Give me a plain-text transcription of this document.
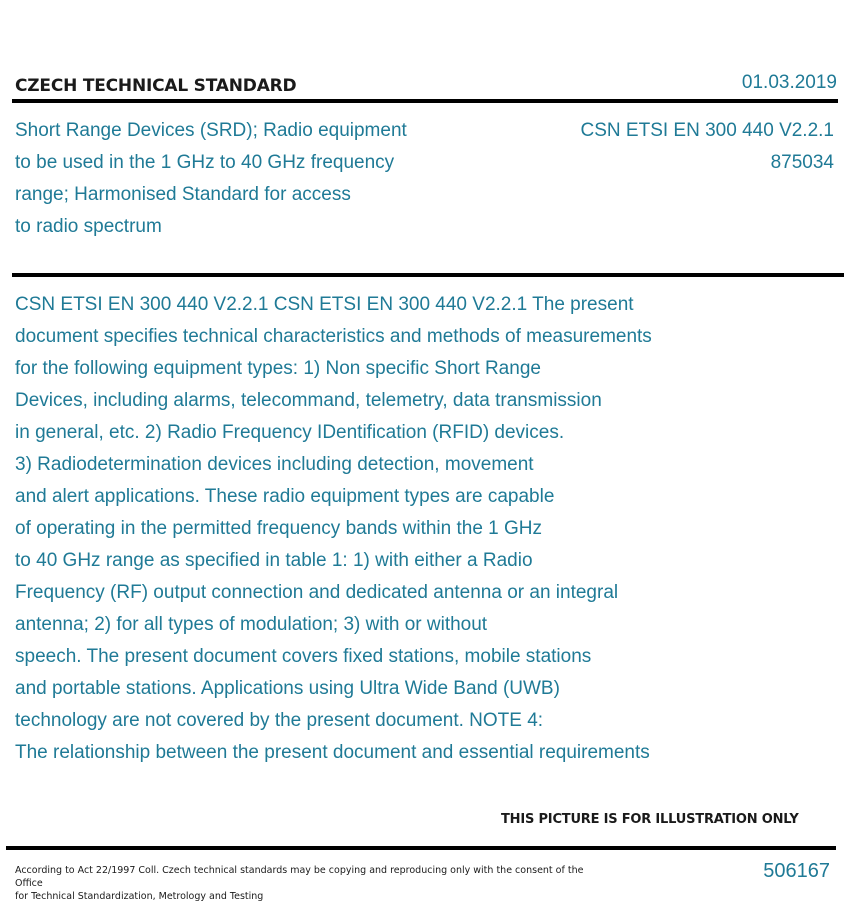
CZECH TECHNICAL STANDARD	01.03.2019
Short Range Devices (SRD); Radio equipment
to be used in the 1 GHz to 40 GHz frequency
range; Harmonised Standard for access
to radio spectrum
CSN ETSI EN 300 440 V2.2.1
875034
CSN ETSI EN 300 440 V2.2.1 CSN ETSI EN 300 440 V2.2.1 The present
document specifies technical characteristics and methods of measurements
for the following equipment types: 1) Non specific Short Range
Devices, including alarms, telecommand, telemetry, data transmission
in general, etc. 2) Radio Frequency IDentification (RFID) devices.
3) Radiodetermination devices including detection, movement
and alert applications. These radio equipment types are capable
of operating in the permitted frequency bands within the 1 GHz
to 40 GHz range as specified in table 1: 1) with either a Radio
Frequency (RF) output connection and dedicated antenna or an integral
antenna; 2) for all types of modulation; 3) with or without
speech. The present document covers fixed stations, mobile stations
and portable stations. Applications using Ultra Wide Band (UWB)
technology are not covered by the present document. NOTE 4:
The relationship between the present document and essential requirements
THIS PICTURE IS FOR ILLUSTRATION ONLY
According to Act 22/1997 Coll. Czech technical standards may be copying and reproducing only with the consent of the Office
for Technical Standardization, Metrology and Testing
506167
